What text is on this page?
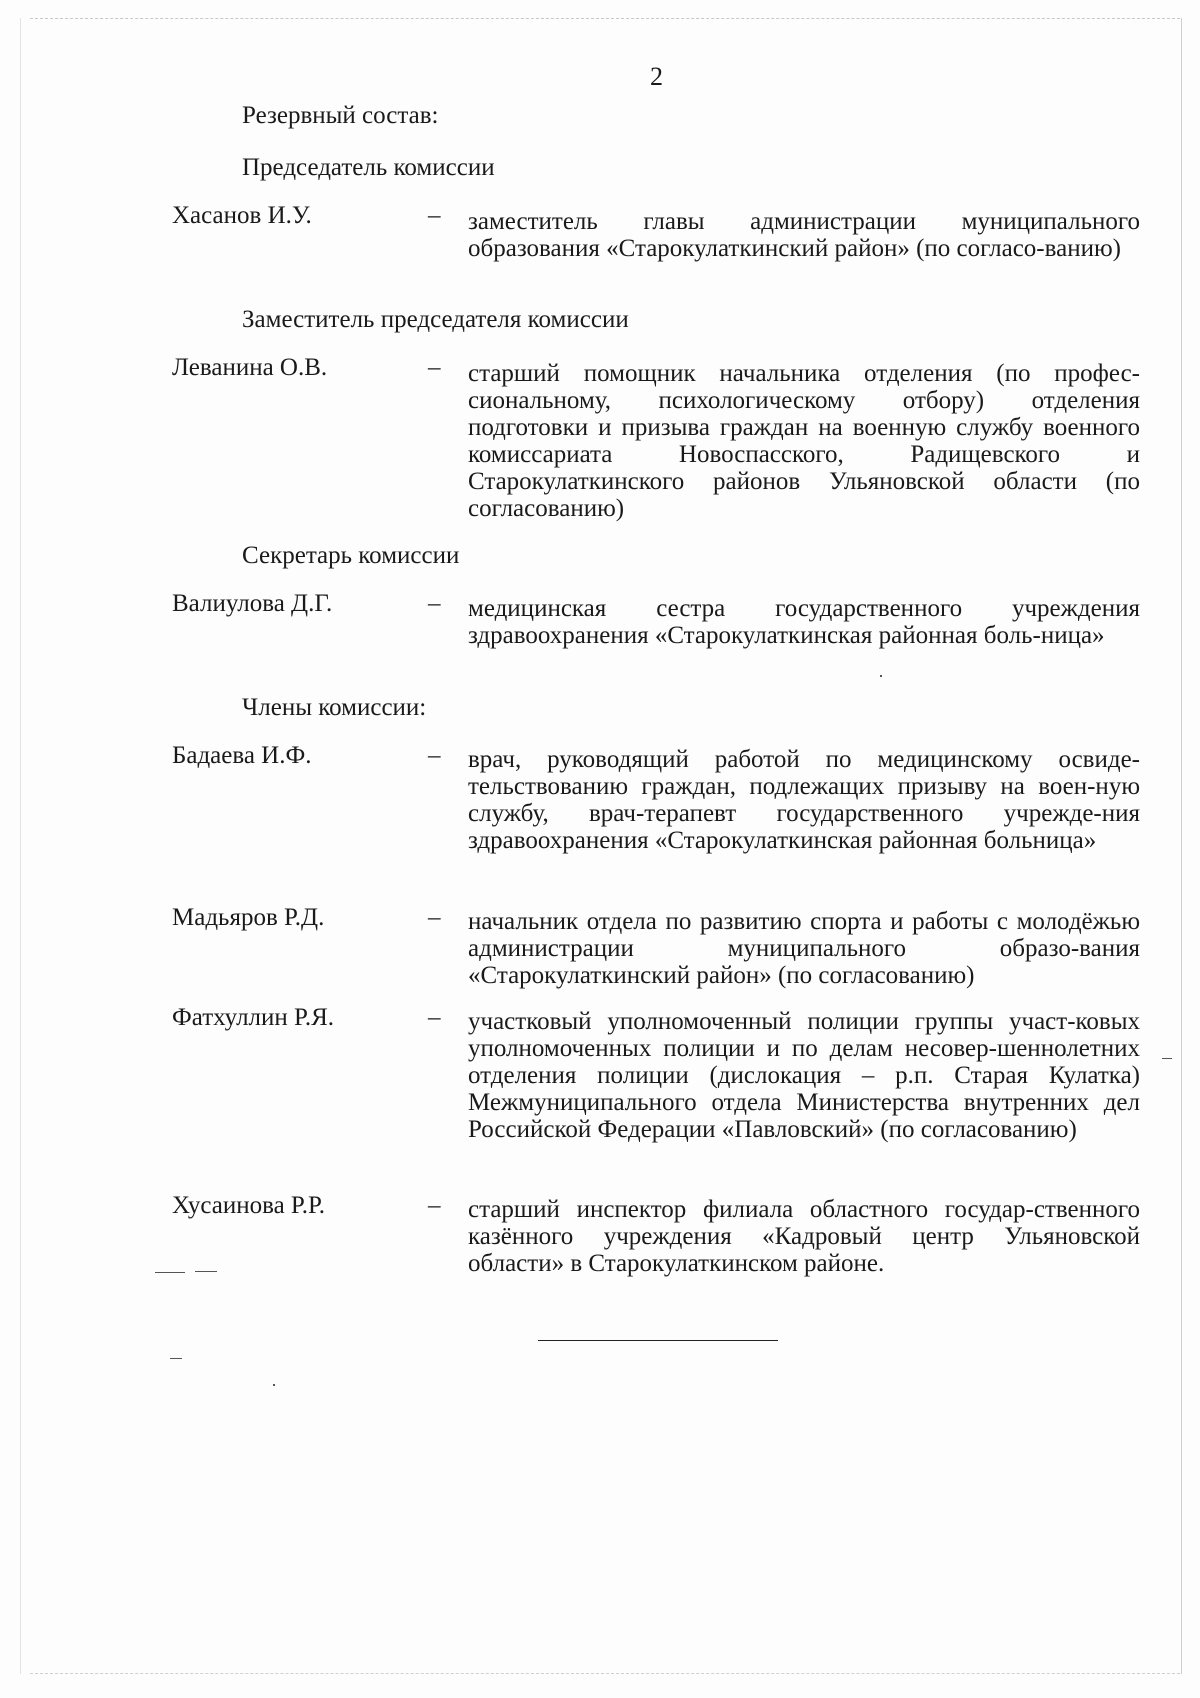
2
Резервный состав:
Председатель комиссии
Хасанов И.У.	– заместитель главы администрации муниципального образования «Старокулаткинский район» (по согласо-ванию)
Заместитель председателя комиссии
Леванина О.В.	– старший помощник начальника отделения (по профес-сиональному, психологическому отбору) отделения подготовки и призыва граждан на военную службу военного комиссариата Новоспасского, Радищевского и Старокулаткинского районов Ульяновской области (по согласованию)
Секретарь комиссии
Валиулова Д.Г.	– медицинская сестра государственного учреждения здравоохранения «Старокулаткинская районная боль-ница»
Члены комиссии:
Бадаева И.Ф.	– врач, руководящий работой по медицинскому освиде-тельствованию граждан, подлежащих призыву на воен-ную службу, врач-терапевт государственного учрежде-ния здравоохранения «Старокулаткинская районная больница»
Мадьяров Р.Д.	– начальник отдела по развитию спорта и работы с молодёжью администрации муниципального образо-вания «Старокулаткинский район» (по согласованию)
Фатхуллин Р.Я.	– участковый уполномоченный полиции группы участ-ковых уполномоченных полиции и по делам несовер-шеннолетних отделения полиции (дислокация – р.п. Старая Кулатка) Межмуниципального отдела Министерства внутренних дел Российской Федерации «Павловский» (по согласованию)
Хусаинова Р.Р.	– старший инспектор филиала областного государ-ственного казённого учреждения «Кадровый центр Ульяновской области» в Старокулаткинском районе.
